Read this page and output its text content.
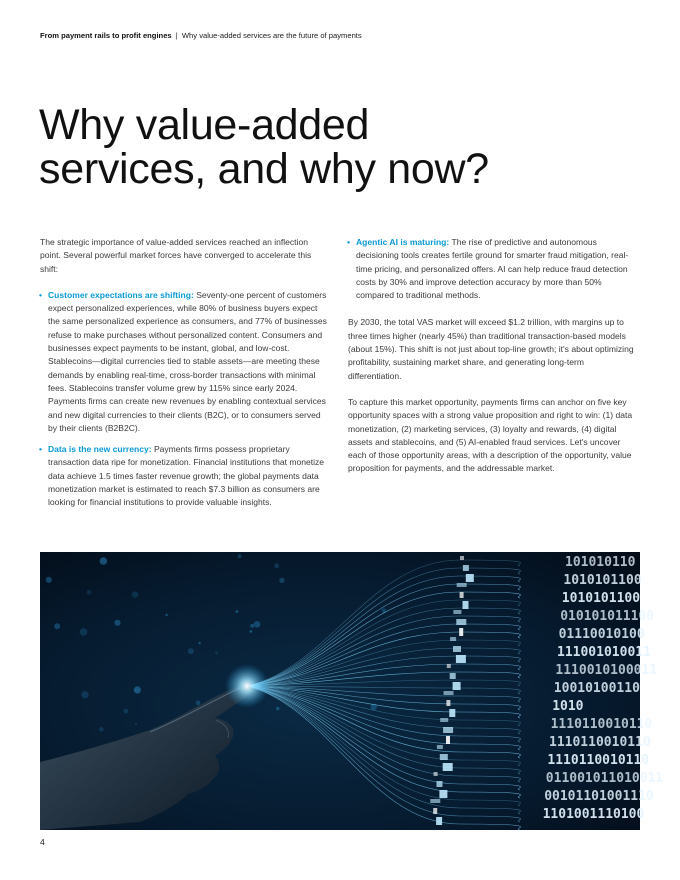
From payment rails to profit engines | Why value-added services are the future of payments
Why value-added
services, and why now?

The strategic importance of value-added services reached an inflection point. Several powerful market forces have converged to accelerate this shift:

• Customer expectations are shifting: Seventy-one percent of customers expect personalized experiences, while 80% of business buyers expect the same personalized experience as consumers, and 77% of businesses refuse to make purchases without personalized content. Consumers and businesses expect payments to be instant, global, and low-cost. Stablecoins—digital currencies tied to stable assets—are meeting these demands by enabling real-time, cross-border transactions with minimal fees. Stablecoins transfer volume grew by 115% since early 2024. Payments firms can create new revenues by enabling contextual services and new digital currencies to their clients (B2C), or to consumers served by their clients (B2B2C).
• Data is the new currency: Payments firms possess proprietary transaction data ripe for monetization. Financial institutions that monetize data achieve 1.5 times faster revenue growth; the global payments data monetization market is estimated to reach $7.3 billion as consumers are looking for financial institutions to provide valuable insights.
• Agentic AI is maturing: The rise of predictive and autonomous decisioning tools creates fertile ground for smarter fraud mitigation, real-time pricing, and personalized offers. AI can help reduce fraud detection costs by 30% and improve detection accuracy by more than 50% compared to traditional methods.

By 2030, the total VAS market will exceed $1.2 trillion, with margins up to three times higher (nearly 45%) than traditional transaction-based models (about 15%). This shift is not just about top-line growth; it's about optimizing profitability, sustaining market share, and generating long-term differentiation.

To capture this market opportunity, payments firms can anchor on five key opportunity spaces with a strong value proposition and right to win: (1) data monetization, (2) marketing services, (3) loyalty and rewards, (4) digital assets and stablecoins, and (5) AI-enabled fraud services. Let's uncover each of those opportunity areas, with a description of the opportunity, value proposition for payments, and the addressable market.

101010110
1010101100
1010101100
010101011100
01110010100
111001010011
1110010100011
10010100110
1010
1110110010110
1110110010110
1110110010110
011001011010011
00101101001110
1101001110100
4
